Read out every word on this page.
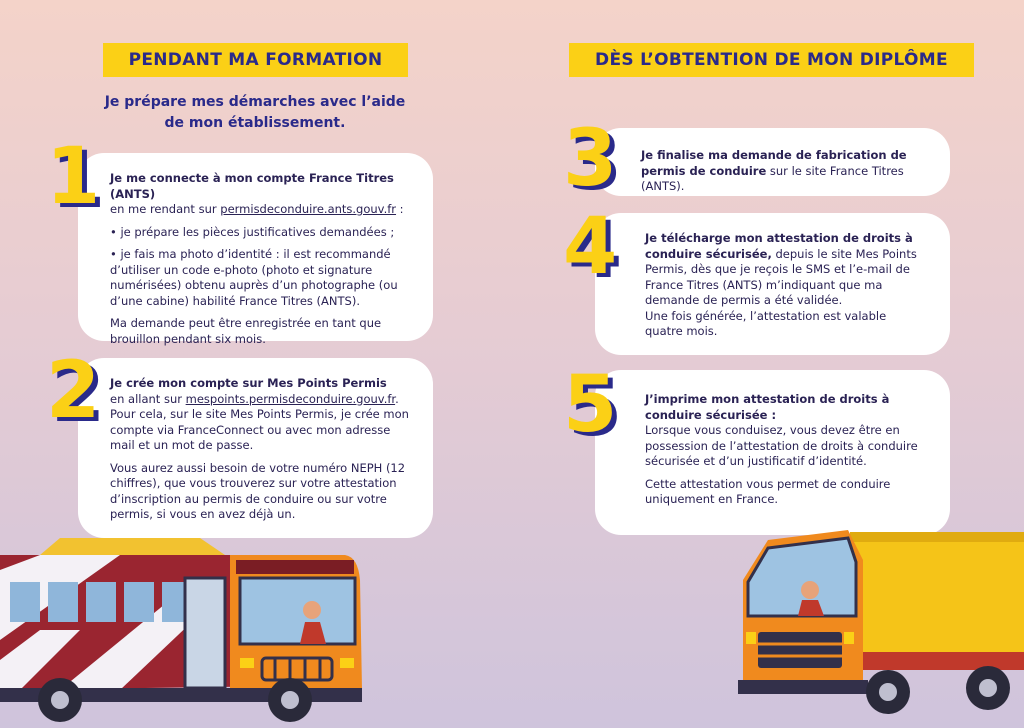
PENDANT MA FORMATION	DÈS L’OBTENTION DE MON DIPLÔME
Je prépare mes démarches avec l’aide
de mon établissement.

Je me connecte à mon compte France Titres (ANTS)

en me rendant sur permisdeconduire.ants.gouv.fr :

• je prépare les pièces justificatives demandées ;

• je fais ma photo d’identité : il est recommandé d’utiliser un code e-photo (photo et signature numérisées) obtenu auprès d’un photographe (ou d’une cabine) habilité France Titres (ANTS).

Ma demande peut être enregistrée en tant que brouillon pendant six mois.

1

Je crée mon compte sur Mes Points Permis

en allant sur mespoints.permisdeconduire.gouv.fr.

Pour cela, sur le site Mes Points Permis, je crée mon compte via FranceConnect ou avec mon adresse mail et un mot de passe.

Vous aurez aussi besoin de votre numéro NEPH (12 chiffres), que vous trouverez sur votre attestation d’inscription au permis de conduire ou sur votre permis, si vous en avez déjà un.

2

Je finalise ma demande de fabrication de permis de conduire sur le site France Titres (ANTS).

3

Je télécharge mon attestation de droits à conduire sécurisée, depuis le site Mes Points Permis, dès que je reçois le SMS et l’e-mail de France Titres (ANTS) m’indiquant que ma demande de permis a été validée.

Une fois générée, l’attestation est valable quatre mois.

4

J’imprime mon attestation de droits à conduire sécurisée :

Lorsque vous conduisez, vous devez être en possession de l’attestation de droits à conduire sécurisée et d’un justificatif d’identité.

Cette attestation vous permet de conduire uniquement en France.

5
